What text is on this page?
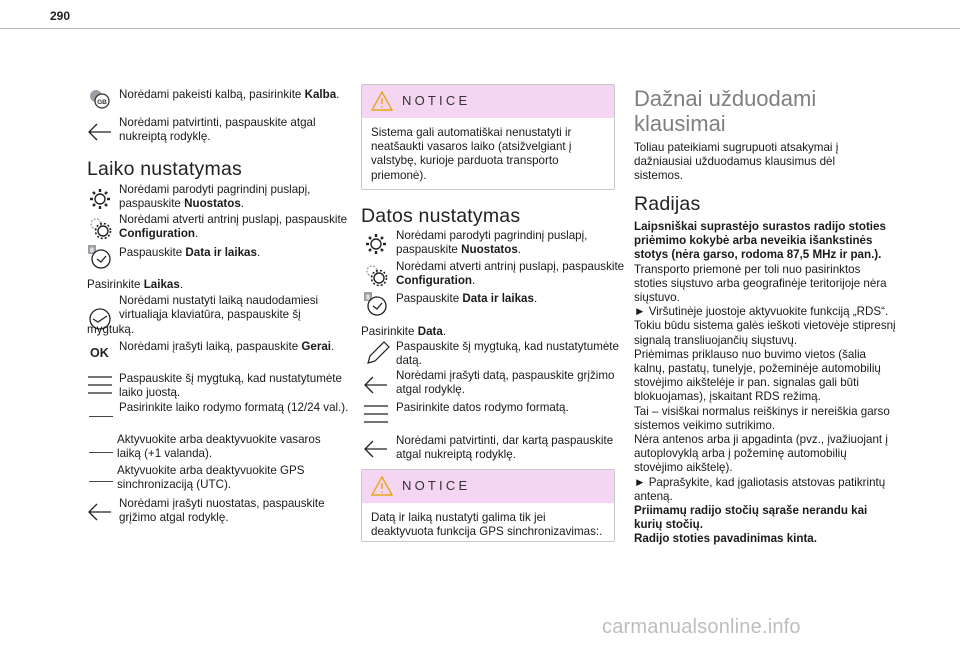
290
GB
Norėdami pakeisti kalbą, pasirinkite Kalba.
Norėdami patvirtinti, paspauskite atgal nukreiptą rodyklę.
Laiko nustatymas
Norėdami parodyti pagrindinį puslapį, paspauskite Nuostatos.
Norėdami atverti antrinį puslapį, paspauskite Configuration.
8 Paspauskite Data ir laikas.
Pasirinkite Laikas.
Norėdami nustatyti laiką naudodamiesi virtualiąja klaviatūra, paspauskite šį
mygtuką.
OK Norėdami įrašyti laiką, paspauskite Gerai.
Paspauskite šį mygtuką, kad nustatytumėte laiko juostą.
Pasirinkite laiko rodymo formatą (12/24 val.).
Aktyvuokite arba deaktyvuokite vasaros laiką (+1 valanda).
Aktyvuokite arba deaktyvuokite GPS sinchronizaciją (UTC).
Norėdami įrašyti nuostatas, paspauskite grįžimo atgal rodyklę.
NOTICE
Sistema gali automatiškai nenustatyti ir neatšaukti vasaros laiko (atsižvelgiant į valstybę, kurioje parduota transporto priemonė).
Datos nustatymas
Norėdami parodyti pagrindinį puslapį, paspauskite Nuostatos.
Norėdami atverti antrinį puslapį, paspauskite Configuration.
8 Paspauskite Data ir laikas.
Pasirinkite Data.
Paspauskite šį mygtuką, kad nustatytumėte datą.
Norėdami įrašyti datą, paspauskite grįžimo atgal rodyklę.
Pasirinkite datos rodymo formatą.
Norėdami patvirtinti, dar kartą paspauskite atgal nukreiptą rodyklę.
NOTICE
Datą ir laiką nustatyti galima tik jei deaktyvuota funkcija GPS sinchronizavimas:.
Dažnai užduodami klausimai
Toliau pateikiami sugrupuoti atsakymai į dažniausiai užduodamus klausimus dėl sistemos.
Radijas
Laipsniškai suprastėjo surastos radijo stoties priėmimo kokybė arba neveikia išankstinės stotys (nėra garso, rodoma 87,5 MHz ir pan.).
Transporto priemonė per toli nuo pasirinktos stoties siųstuvo arba geografinėje teritorijoje nėra siųstuvo.
► Viršutinėje juostoje aktyvuokite funkciją „RDS“. Tokiu būdu sistema galės ieškoti vietovėje stipresnį signalą transliuojančių siųstuvų.
Priėmimas priklauso nuo buvimo vietos (šalia kalnų, pastatų, tunelyje, požeminėje automobilių stovėjimo aikštelėje ir pan. signalas gali būti blokuojamas), įskaitant RDS režimą.
Tai – visiškai normalus reiškinys ir nereiškia garso sistemos veikimo sutrikimo.
Nėra antenos arba ji apgadinta (pvz., įvažiuojant į autoplovyklą arba į požeminę automobilių stovėjimo aikštelę).
► Paprašykite, kad įgaliotasis atstovas patikrintų anteną.
Priimamų radijo stočių sąraše nerandu kai kurių stočių.
Radijo stoties pavadinimas kinta.
carmanualsonline.info
